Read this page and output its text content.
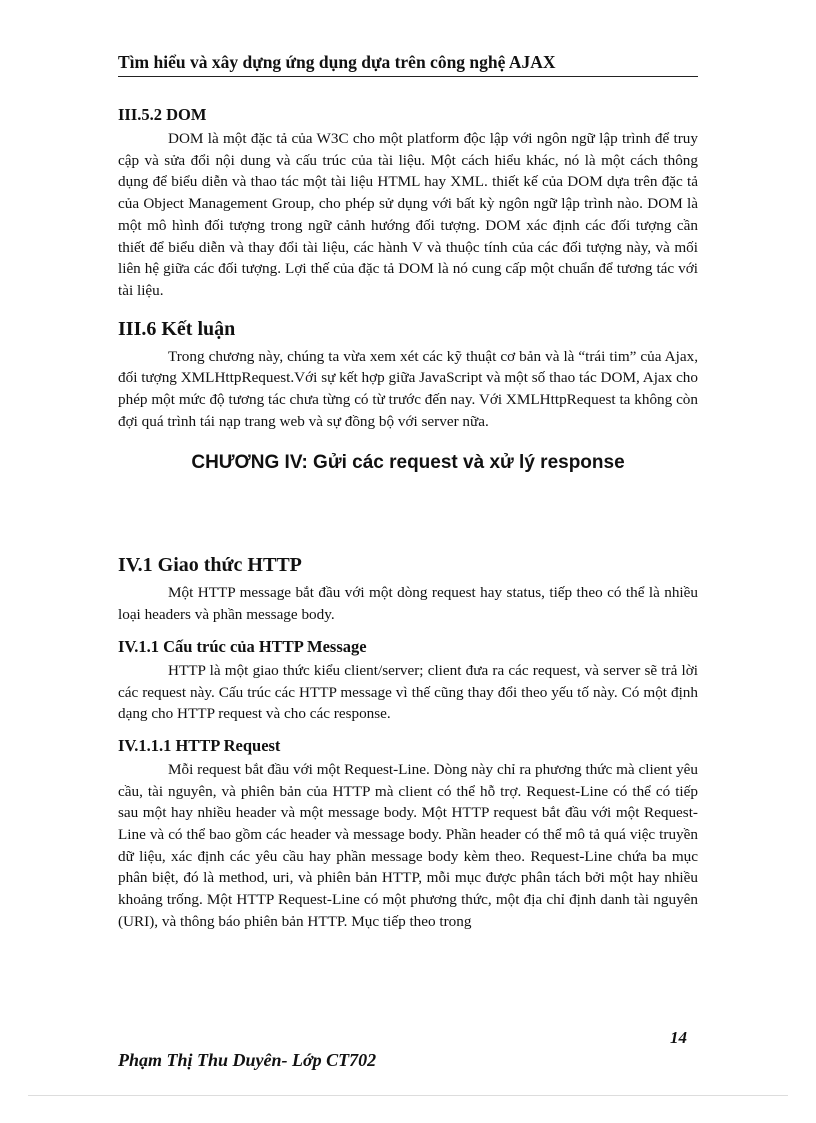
Tìm hiểu và xây dựng ứng dụng dựa trên công nghệ AJAX
III.5.2 DOM

DOM là một đặc tả của W3C cho một platform độc lập với ngôn ngữ lập trình để truy cập và sửa đổi nội dung và cấu trúc của tài liệu. Một cách hiểu khác, nó là một cách thông dụng để biểu diễn và thao tác một tài liệu HTML hay XML. thiết kế của DOM dựa trên đặc tả của Object Management Group, cho phép sử dụng với bất kỳ ngôn ngữ lập trình nào. DOM là một mô hình đối tượng trong ngữ cảnh hướng đối tượng. DOM xác định các đối tượng cần thiết để biểu diễn và thay đổi tài liệu, các hành V và thuộc tính của các đối tượng này, và mối liên hệ giữa các đối tượng. Lợi thế của đặc tả DOM là nó cung cấp một chuẩn để tương tác với tài liệu.

III.6 Kết luận

Trong chương này, chúng ta vừa xem xét các kỹ thuật cơ bản và là “trái tim” của Ajax, đối tượng XMLHttpRequest.Với sự kết hợp giữa JavaScript và một số thao tác DOM, Ajax cho phép một mức độ tương tác chưa từng có từ trước đến nay. Với XMLHttpRequest ta không còn đợi quá trình tái nạp trang web và sự đồng bộ với server nữa.

CHƯƠNG IV: Gửi các request và xử lý response
IV.1 Giao thức HTTP

Một HTTP message bắt đầu với một dòng request hay status, tiếp theo có thể là nhiều loại headers và phần message body.

IV.1.1 Cấu trúc của HTTP Message

HTTP là một giao thức kiểu client/server; client đưa ra các request, và server sẽ trả lời các request này. Cấu trúc các HTTP message vì thế cũng thay đổi theo yếu tố này. Có một định dạng cho HTTP request và cho các response.

IV.1.1.1 HTTP Request

Mỗi request bắt đầu với một Request-Line. Dòng này chỉ ra phương thức mà client yêu cầu, tài nguyên, và phiên bản của HTTP mà client có thể hỗ trợ. Request-Line có thể có tiếp sau một hay nhiều header và một message body. Một HTTP request bắt đầu với một Request-Line và có thể bao gồm các header và message body. Phần header có thể mô tả quá việc truyền dữ liệu, xác định các yêu cầu hay phần message body kèm theo. Request-Line chứa ba mục phân biệt, đó là method, uri, và phiên bản HTTP, mỗi mục được phân tách bởi một hay nhiều khoảng trống. Một HTTP Request-Line có một phương thức, một địa chỉ định danh tài nguyên (URI), và thông báo phiên bản HTTP. Mục tiếp theo trong

14
Phạm Thị Thu Duyên- Lớp CT702
